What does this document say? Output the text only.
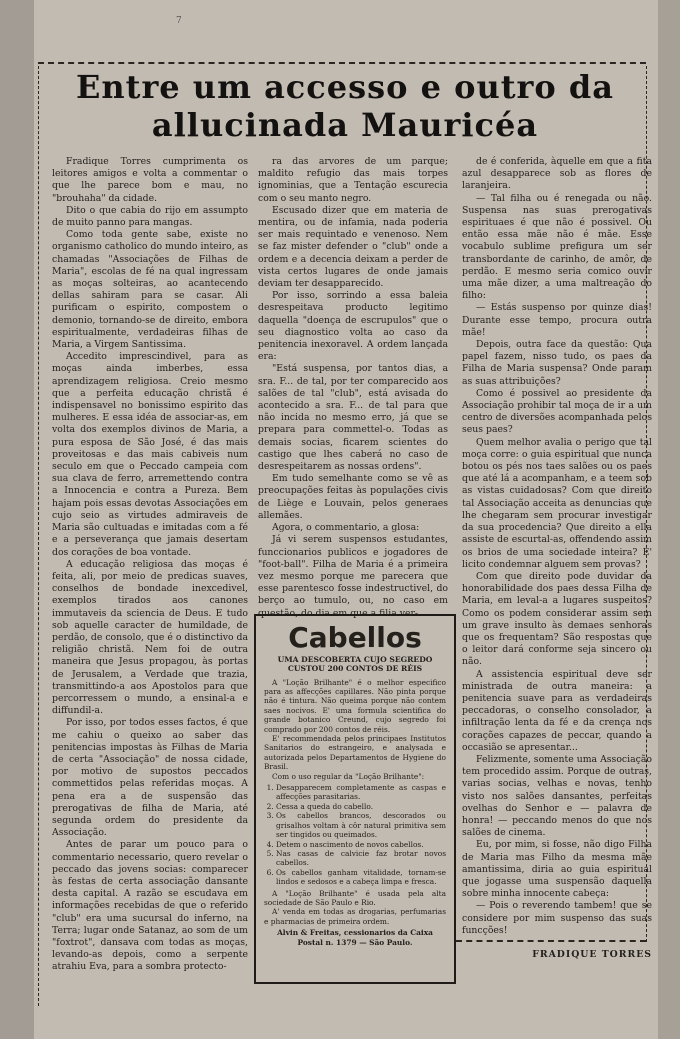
7
Entre um accesso e outro da allucinada Mauricéa

Fradique Torres cumprimenta os leitores amigos e volta a commentar o que lhe parece bom e mau, no "brouhaha" da cidade.

Dito o que cabia do rijo em assumpto de muito panno para mangas.

Como toda gente sabe, existe no organismo catholico do mundo inteiro, as chamadas "Associações de Filhas de Maria", escolas de fé na qual ingressam as moças solteiras, ao acantecendo dellas sahiram para se casar. Ali purificam o espirito, compostem o demonio, tornando-se de direito, embora espiritualmente, verdadeiras filhas de Maria, a Virgem Santissima.

Accedito imprescindivel, para as moças ainda imberbes, essa aprendizagem religiosa. Creio mesmo que a perfeita educação christã é indispensavel no bonissimo espirito das mulheres. E essa idéa de associar-as, em volta dos exemplos divinos de Maria, a pura esposa de São José, é das mais proveitosas e das mais cabiveis num seculo em que o Peccado campeia com sua clava de ferro, arremettendo contra a Innocencia e contra a Pureza. Bem hajam pois essas devotas Associações em cujo seio as virtudes admiraveis de Maria são cultuadas e imitadas com a fé e a perseverança que jamais desertam dos corações de boa vontade.

A educação religiosa das moças é feita, ali, por meio de predicas suaves, conselhos de bondade inexcedivel, exemplos tirados aos canones immutaveis da sciencia de Deus. E tudo sob aquelle caracter de humildade, de perdão, de consolo, que é o distinctivo da religião christã. Nem foi de outra maneira que Jesus propagou, às portas de Jerusalem, a Verdade que trazia, transmittindo-a aos Apostolos para que percorressem o mundo, a ensinal-a e diffundil-a.

Por isso, por todos esses factos, é que me cahiu o queixo ao saber das penitencias impostas às Filhas de Maria de certa "Associação" de nossa cidade, por motivo de supostos peccados commettidos pelas referidas moças. A pena era a de suspensão das prerogativas de filha de Maria, até segunda ordem do presidente da Associação.

Antes de parar um pouco para o commentario necessario, quero revelar o peccado das jovens socias: comparecer às festas de certa associação dansante desta capital. A razão se escudava em informações recebidas de que o referido "club" era uma sucursal do inferno, na Terra; lugar onde Satanaz, ao som de um "foxtrot", dansava com todas as moças, levando-as depois, como a serpente atrahiu Eva, para a sombra protecto-

ra das arvores de um parque; maldito refugio das mais torpes ignominias, que a Tentação escurecia com o seu manto negro.

Escusado dizer que em materia de mentira, ou de infamia, nada poderia ser mais requintado e venenoso. Nem se faz mister defender o "club" onde a ordem e a decencia deixam a perder de vista certos lugares de onde jamais deviam ter desapparecido.

Por isso, sorrindo a essa baleia desrespeitava producto legitimo daquella "doença de escrupulos" que o seu diagnostico volta ao caso da penitencia inexoravel. A ordem lançada era:

"Está suspensa, por tantos dias, a sra. F... de tal, por ter comparecido aos salões de tal "club", está avisada do acontecido a sra. F... de tal para que não incida no mesmo erro, já que se prepara para commettel-o. Todas as demais socias, ficarem scientes do castigo que lhes caberá no caso de desrespeitarem as nossas ordens".

Em tudo semelhante como se vê as preocupações feitas às populações civis de Liège e Louvain, pelos generaes allemães.

Agora, o commentario, a glosa:

Já vi serem suspensos estudantes, funccionarios publicos e jogadores de "foot-ball". Filha de Maria é a primeira vez mesmo porque me parecera que esse parentesco fosse indestructivel, do berço ao tumulo, ou, no caso em questão, do dia em que a filia ver-

de é conferida, àquelle em que a fita azul desapparece sob as flores de laranjeira.

— Tal filha ou é renegada ou não. Suspensa nas suas prerogativas espirituaes é que não é possivel. Ou então essa mãe não é mãe. Esse vocabulo sublime prefigura um ser transbordante de carinho, de amôr, de perdão. E mesmo seria comico ouvir uma mãe dizer, a uma maltreação do filho:

— Estás suspenso por quinze dias! Durante esse tempo, procura outra mãe!

Depois, outra face da questão: Qua papel fazem, nisso tudo, os paes da Filha de Maria suspensa? Onde param as suas attribuições?

Como é possivel ao presidente da Associação prohibir tal moça de ir a um centro de diversões acompanhada pelos seus paes?

Quem melhor avalia o perigo que tal moça corre: o guia espiritual que nunca botou os pés nos taes salões ou os paes que até lá a acompanham, e a teem sob as vistas cuidadosas? Com que direito tal Associação acceita as denuncias que lhe chegaram sem procurar investigar da sua procedencia? Que direito a ella assiste de escurtal-as, offendendo assim os brios de uma sociedade inteira? E' licito condemnar alguem sem provas?

Com que direito pode duvidar da honorabilidade dos paes dessa Filha de Maria, em leval-a a lugares suspeitos? Como os podem considerar assim sem um grave insulto às demaes senhoras que os frequentam? São respostas que o leitor dará conforme seja sincero ou não.

A assistencia espiritual deve ser ministrada de outra maneira: a penitencia suave para as verdadeiras peccadoras, o conselho consolador, a infiltração lenta da fé e da crença nos corações capazes de peccar, quando a occasião se apresentar...

Felizmente, somente uma Associação tem procedido assim. Porque de outras, varias socias, velhas e novas, tenho visto nos salões dansantes, perfeitas ovelhas do Senhor e — palavra de honra! — peccando menos do que nos salões de cinema.

Eu, por mim, si fosse, não digo Filha de Maria mas Filho da mesma mãe amantissima, diria ao guia espiritual que jogasse uma suspensão daquella sobre minha innocente cabeça:

— Pois o reverendo tambem! que se considere por mim suspenso das suas funcções!

FRADIQUE TORRES
Cabellos
UMA DESCOBERTA CUJO SEGREDO CUSTOU 200 CONTOS DE RÉIS

A "Loção Brilhante" é o melhor especifico para as affecções capillares. Não pinta porque não é tintura. Não queima porque não contem saes nocivos. E' uma formula scientifica do grande botanico Creund, cujo segredo foi comprado por 200 contos de réis.

E' recommendada pelos principaes Institutos Sanitarios do estrangeiro, e analysada e autorizada pelos Departamentos de Hygiene do Brasil.

Com o uso regular da "Loção Brilhante":

1. Desapparecem completamente as caspas e affecções parasitarias.
2. Cessa a queda do cabello.
3. Os cabellos brancos, descorados ou grisalhos voltam à côr natural primitiva sem ser tingidos ou queimados.
4. Detem o nascimento de novos cabellos.
5. Nas casas de calvicie faz brotar novos cabellos.
6. Os cabellos ganham vitalidade, tornam-se lindos e sedosos e a cabeça limpa e fresca.

A "Loção Brilhante" é usada pela alta sociedade de São Paulo e Rio.

A' venda em todas as drogarias, perfumarias e pharmacias de primeira ordem.

Alvin & Freitas, cessionarios da Caixa Postal n. 1379 — São Paulo.
